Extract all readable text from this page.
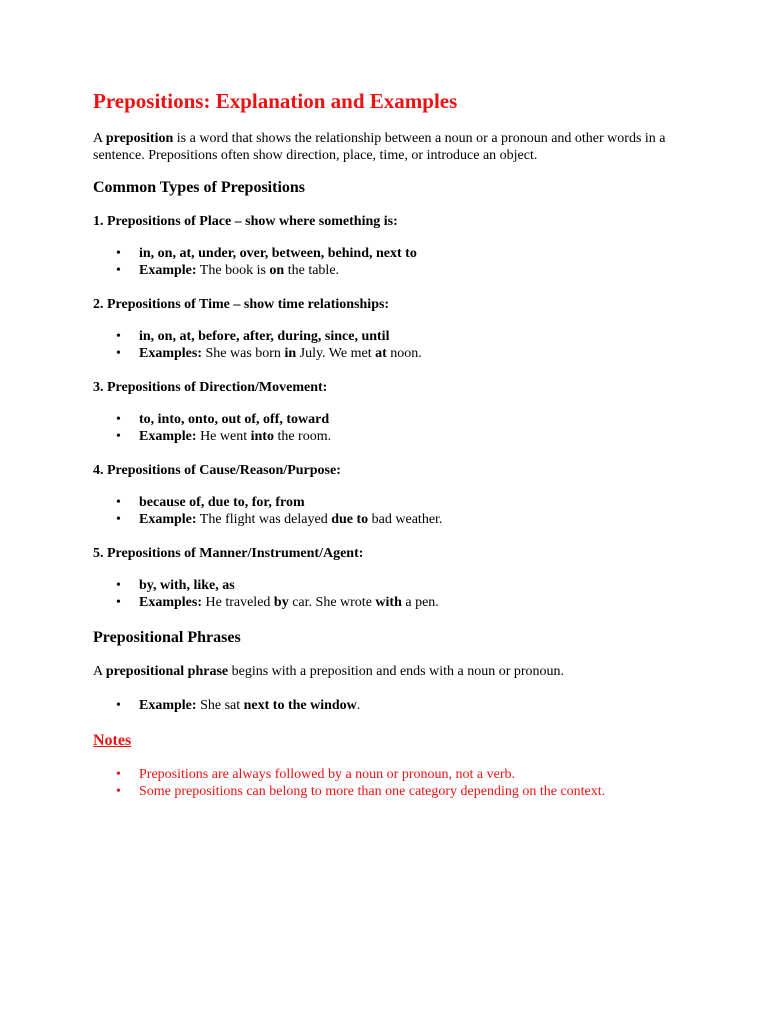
Prepositions: Explanation and Examples

A preposition is a word that shows the relationship between a noun or a pronoun and other words in a sentence. Prepositions often show direction, place, time, or introduce an object.

Common Types of Prepositions
1. Prepositions of Place – show where something is:
• in, on, at, under, over, between, behind, next to
• Example: The book is on the table.
2. Prepositions of Time – show time relationships:
• in, on, at, before, after, during, since, until
• Examples: She was born in July. We met at noon.
3. Prepositions of Direction/Movement:
• to, into, onto, out of, off, toward
• Example: He went into the room.
4. Prepositions of Cause/Reason/Purpose:
• because of, due to, for, from
• Example: The flight was delayed due to bad weather.
5. Prepositions of Manner/Instrument/Agent:
• by, with, like, as
• Examples: He traveled by car. She wrote with a pen.
Prepositional Phrases

A prepositional phrase begins with a preposition and ends with a noun or pronoun.

• Example: She sat next to the window.
Notes
• Prepositions are always followed by a noun or pronoun, not a verb.
• Some prepositions can belong to more than one category depending on the context.
